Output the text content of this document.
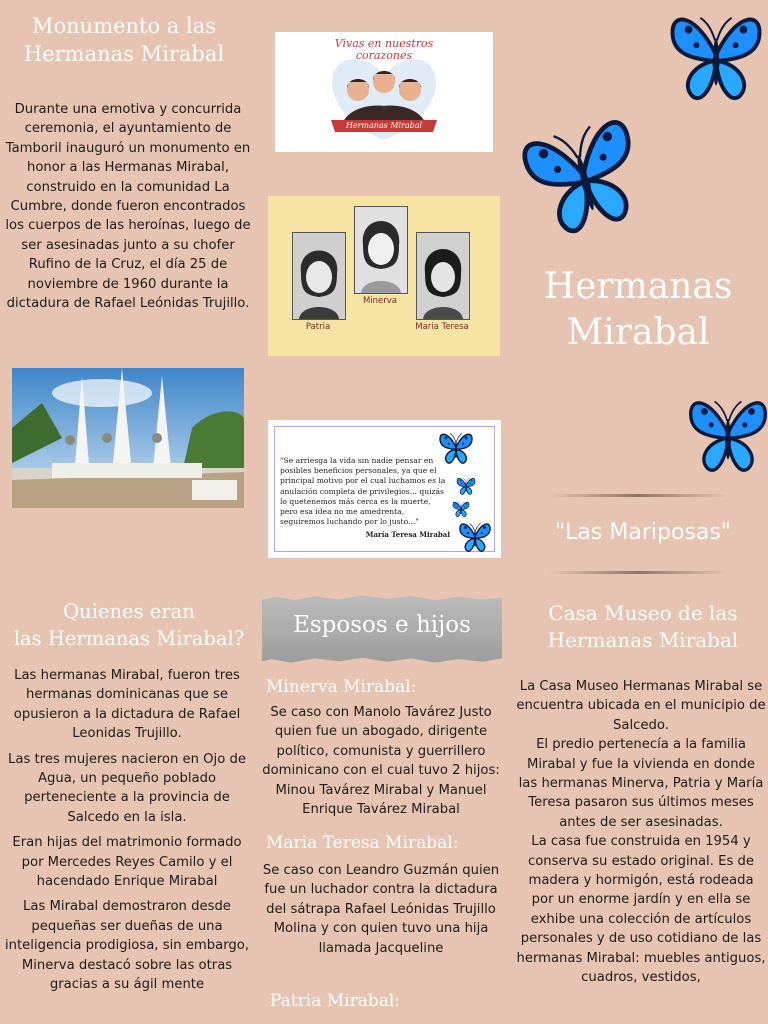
Monumento a las
Hermanas Mirabal
Durante una emotiva y concurrida ceremonia, el ayuntamiento de Tamboril inauguró un monumento en honor a las Hermanas Mirabal, construido en la comunidad La Cumbre, donde fueron encontrados los cuerpos de las heroínas, luego de ser asesinadas junto a su chofer Rufino de la Cruz, el día 25 de noviembre de 1960 durante la dictadura de Rafael Leónidas Trujillo.
Vivas en nuestros
corazones
Hermanas Mirabal
Patria
Minerva
Maria Teresa
"Se arriesga la vida sin nadie pensar en posibles beneficios personales, ya que el principal motivo por el cual luchamos es la anulación completa de privilegios... quizás lo quetenemos más cerca es la muerte, pero esa idea no me amedrenta, seguiremos luchando por lo justo..."
María Teresa Mirabal
Hermanas
Mirabal
"Las Mariposas"
Quienes eran
las Hermanas Mirabal?
Las hermanas Mirabal, fueron tres hermanas dominicanas que se opusieron a la dictadura de Rafael Leonidas Trujillo.
Las tres mujeres nacieron en Ojo de Agua, un pequeño poblado perteneciente a la provincia de Salcedo en la isla.
Eran hijas del matrimonio formado por Mercedes Reyes Camilo y el hacendado Enrique Mirabal
Las Mirabal demostraron desde pequeñas ser dueñas de una inteligencia prodigiosa, sin embargo, Minerva destacó sobre las otras gracias a su ágil mente
Esposos e hijos
Minerva Mirabal:
Se caso con Manolo Tavárez Justo quien fue un abogado, dirigente político, comunista y guerrillero dominicano con el cual tuvo 2 hijos: Minou Tavárez Mirabal y Manuel Enrique Tavárez Mirabal
Maria Teresa Mirabal:
Se caso con Leandro Guzmán quien fue un luchador contra la dictadura del sátrapa Rafael Leónidas Trujillo Molina y con quien tuvo una hija llamada Jacqueline
Patria Mirabal:
Casa Museo de las
Hermanas Mirabal
La Casa Museo Hermanas Mirabal se encuentra ubicada en el municipio de Salcedo.
El predio pertenecía a la familia Mirabal y fue la vivienda en donde las hermanas Minerva, Patria y María Teresa pasaron sus últimos meses antes de ser asesinadas.
La casa fue construida en 1954 y conserva su estado original. Es de madera y hormigón, está rodeada por un enorme jardín y en ella se exhibe una colección de artículos personales y de uso cotidiano de las hermanas Mirabal: muebles antiguos, cuadros, vestidos,
